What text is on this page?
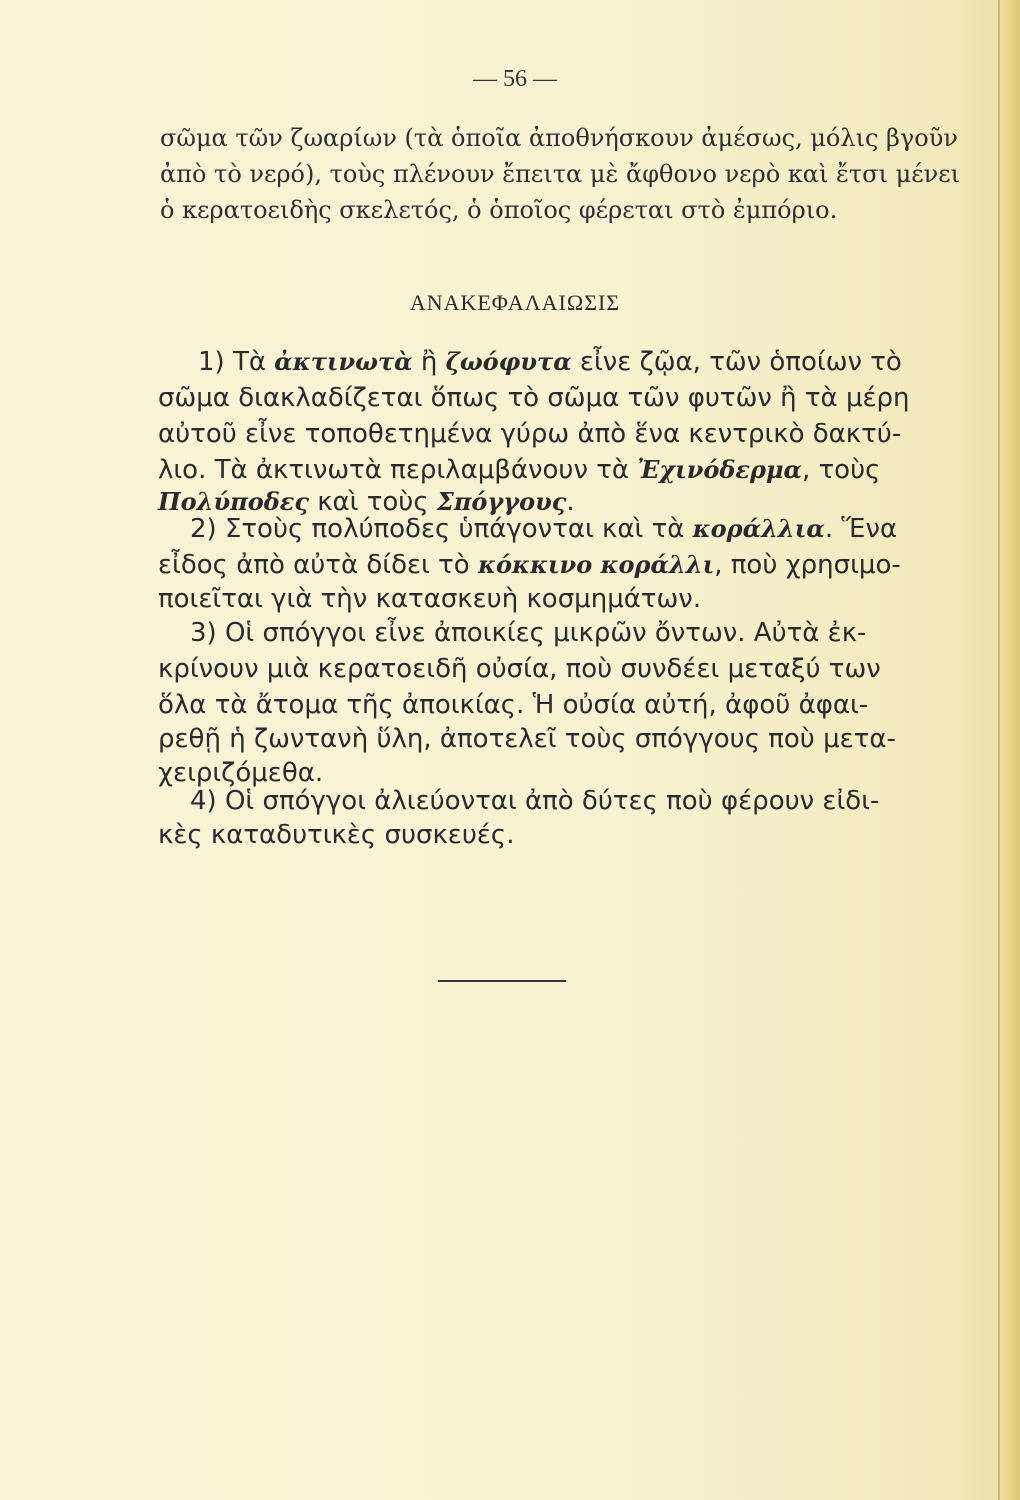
— 56 —
σῶμα τῶν ζωαρίων (τὰ ὁποῖα ἀποθνήσκουν ἀμέσως, μόλις βγοῦν
ἀπὸ τὸ νερό), τοὺς πλένουν ἔπειτα μὲ ἄφθονο νερὸ καὶ ἔτσι μένει
ὁ κερατοειδὴς σκελετός, ὁ ὁποῖος φέρεται στὸ ἐμπόριο.
ΑΝΑΚΕΦΑΛΑΙΩΣΙΣ
1) Τὰ ἀκτινωτὰ ἢ ζωόφυτα εἶνε ζῷα, τῶν ὁποίων τὸ
σῶμα διακλαδίζεται ὅπως τὸ σῶμα τῶν φυτῶν ἢ τὰ μέρη
αὐτοῦ εἶνε τοποθετημένα γύρω ἀπὸ ἕνα κεντρικὸ δακτύ-
λιο. Τὰ ἀκτινωτὰ περιλαμβάνουν τὰ Ἐχινόδερμα, τοὺς
Πολύποδες καὶ τοὺς Σπόγγους.
2) Στοὺς πολύποδες ὑπάγονται καὶ τὰ κοράλλια. Ἕνα
εἶδος ἀπὸ αὐτὰ δίδει τὸ κόκκινο κοράλλι, ποὺ χρησιμο-
ποιεῖται γιὰ τὴν κατασκευὴ κοσμημάτων.
3) Οἱ σπόγγοι εἶνε ἀποικίες μικρῶν ὄντων. Αὐτὰ ἐκ-
κρίνουν μιὰ κερατοειδῆ οὐσία, ποὺ συνδέει μεταξύ των
ὅλα τὰ ἄτομα τῆς ἀποικίας. Ἡ οὐσία αὐτή, ἀφοῦ ἀφαι-
ρεθῇ ἡ ζωντανὴ ὕλη, ἀποτελεῖ τοὺς σπόγγους ποὺ μετα-
χειριζόμεθα.
4) Οἱ σπόγγοι ἀλιεύονται ἀπὸ δύτες ποὺ φέρουν εἰδι-
κὲς καταδυτικὲς συσκευές.
